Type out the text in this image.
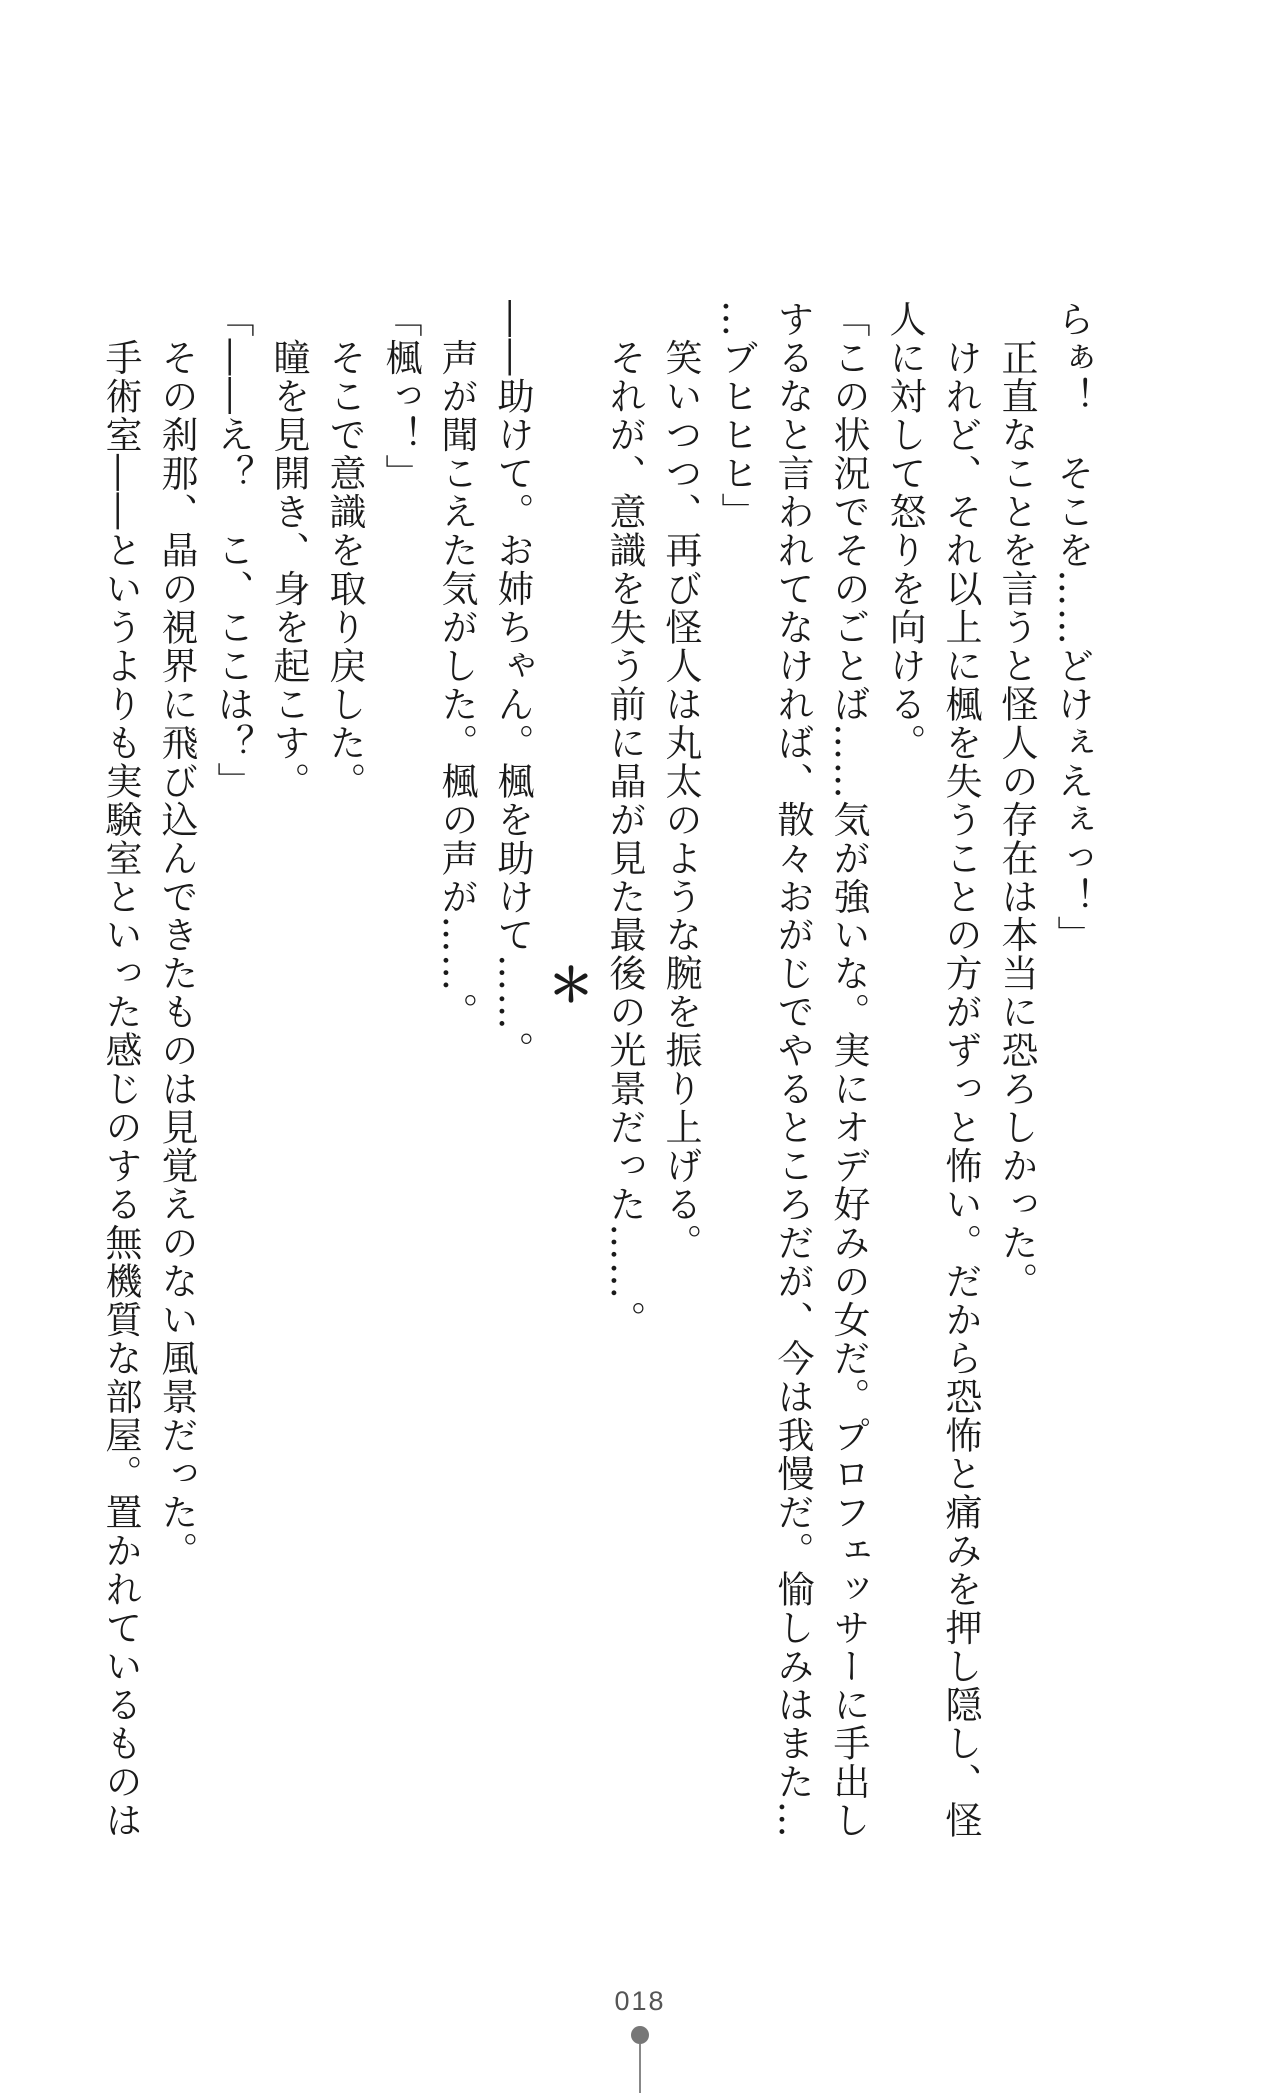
らぁ！　そこを……どけぇえぇっ！」
　正直なことを言うと怪人の存在は本当に恐ろしかった。
　けれど、それ以上に楓を失うことの方がずっと怖い。だから恐怖と痛みを押し隠し、怪
人に対して怒りを向ける。
「この状況でそのごとば……気が強いな。実にオデ好みの女だ。プロフェッサーに手出し
するなと言われてなければ、散々おがじでやるところだが、今は我慢だ。愉しみはまた…
…ブヒヒヒ」
　笑いつつ、再び怪人は丸太のような腕を振り上げる。
　それが、意識を失う前に晶が見た最後の光景だった……。
＊
――助けて。お姉ちゃん。楓を助けて……。
　声が聞こえた気がした。楓の声が……。
「楓っ！」
　そこで意識を取り戻した。
　瞳を見開き、身を起こす。
「――え？　こ、ここは？」
　その刹那、晶の視界に飛び込んできたものは見覚えのない風景だった。
　手術室――というよりも実験室といった感じのする無機質な部屋。置かれているものは
018
